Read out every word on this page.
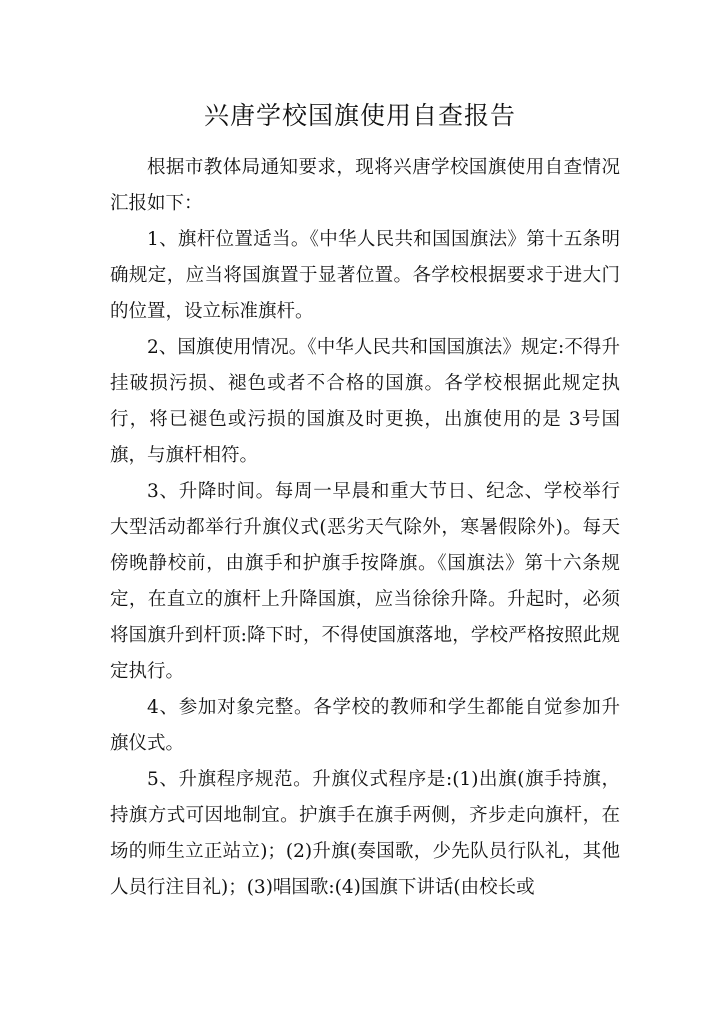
兴唐学校国旗使用自查报告

根据市教体局通知要求，现将兴唐学校国旗使用自查情况汇报如下：

1、旗杆位置适当。《中华人民共和国国旗法》第十五条明确规定，应当将国旗置于显著位置。各学校根据要求于进大门的位置，设立标准旗杆。

2、国旗使用情况。《中华人民共和国国旗法》规定:不得升挂破损污损、褪色或者不合格的国旗。各学校根据此规定执行，将已褪色或污损的国旗及时更换，出旗使用的是 3号国旗，与旗杆相符。

3、升降时间。每周一早晨和重大节日、纪念、学校举行大型活动都举行升旗仪式(恶劣天气除外，寒暑假除外)。每天傍晚静校前，由旗手和护旗手按降旗。《国旗法》第十六条规定，在直立的旗杆上升降国旗，应当徐徐升降。升起时，必须将国旗升到杆顶:降下时，不得使国旗落地，学校严格按照此规定执行。

4、参加对象完整。各学校的教师和学生都能自觉参加升旗仪式。

5、升旗程序规范。升旗仪式程序是:(1)出旗(旗手持旗，持旗方式可因地制宜。护旗手在旗手两侧，齐步走向旗杆，在场的师生立正站立)；(2)升旗(奏国歌，少先队员行队礼，其他人员行注目礼)；(3)唱国歌:(4)国旗下讲话(由校长或
